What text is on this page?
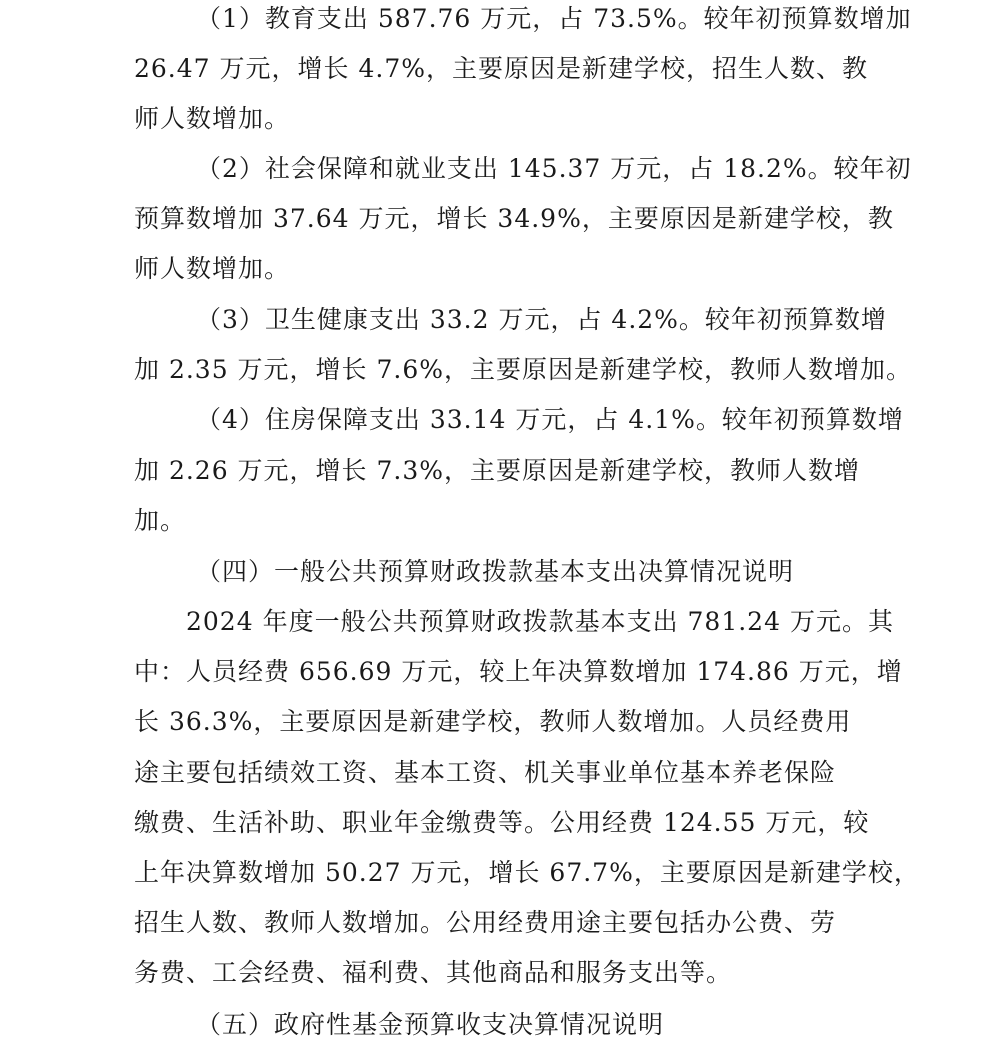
（1）教育支出 587.76 万元，占 73.5%。较年初预算数增加
26.47 万元，增长 4.7%，主要原因是新建学校，招生人数、教
师人数增加。
（2）社会保障和就业支出 145.37 万元，占 18.2%。较年初
预算数增加 37.64 万元，增长 34.9%，主要原因是新建学校，教
师人数增加。
（3）卫生健康支出 33.2 万元，占 4.2%。较年初预算数增
加 2.35 万元，增长 7.6%，主要原因是新建学校，教师人数增加。
（4）住房保障支出 33.14 万元，占 4.1%。较年初预算数增
加 2.26 万元，增长 7.3%，主要原因是新建学校，教师人数增
加。
（四）一般公共预算财政拨款基本支出决算情况说明
2024 年度一般公共预算财政拨款基本支出 781.24 万元。其
中：人员经费 656.69 万元，较上年决算数增加 174.86 万元，增
长 36.3%，主要原因是新建学校，教师人数增加。人员经费用
途主要包括绩效工资、基本工资、机关事业单位基本养老保险
缴费、生活补助、职业年金缴费等。公用经费 124.55 万元，较
上年决算数增加 50.27 万元，增长 67.7%，主要原因是新建学校，
招生人数、教师人数增加。公用经费用途主要包括办公费、劳
务费、工会经费、福利费、其他商品和服务支出等。
（五）政府性基金预算收支决算情况说明
